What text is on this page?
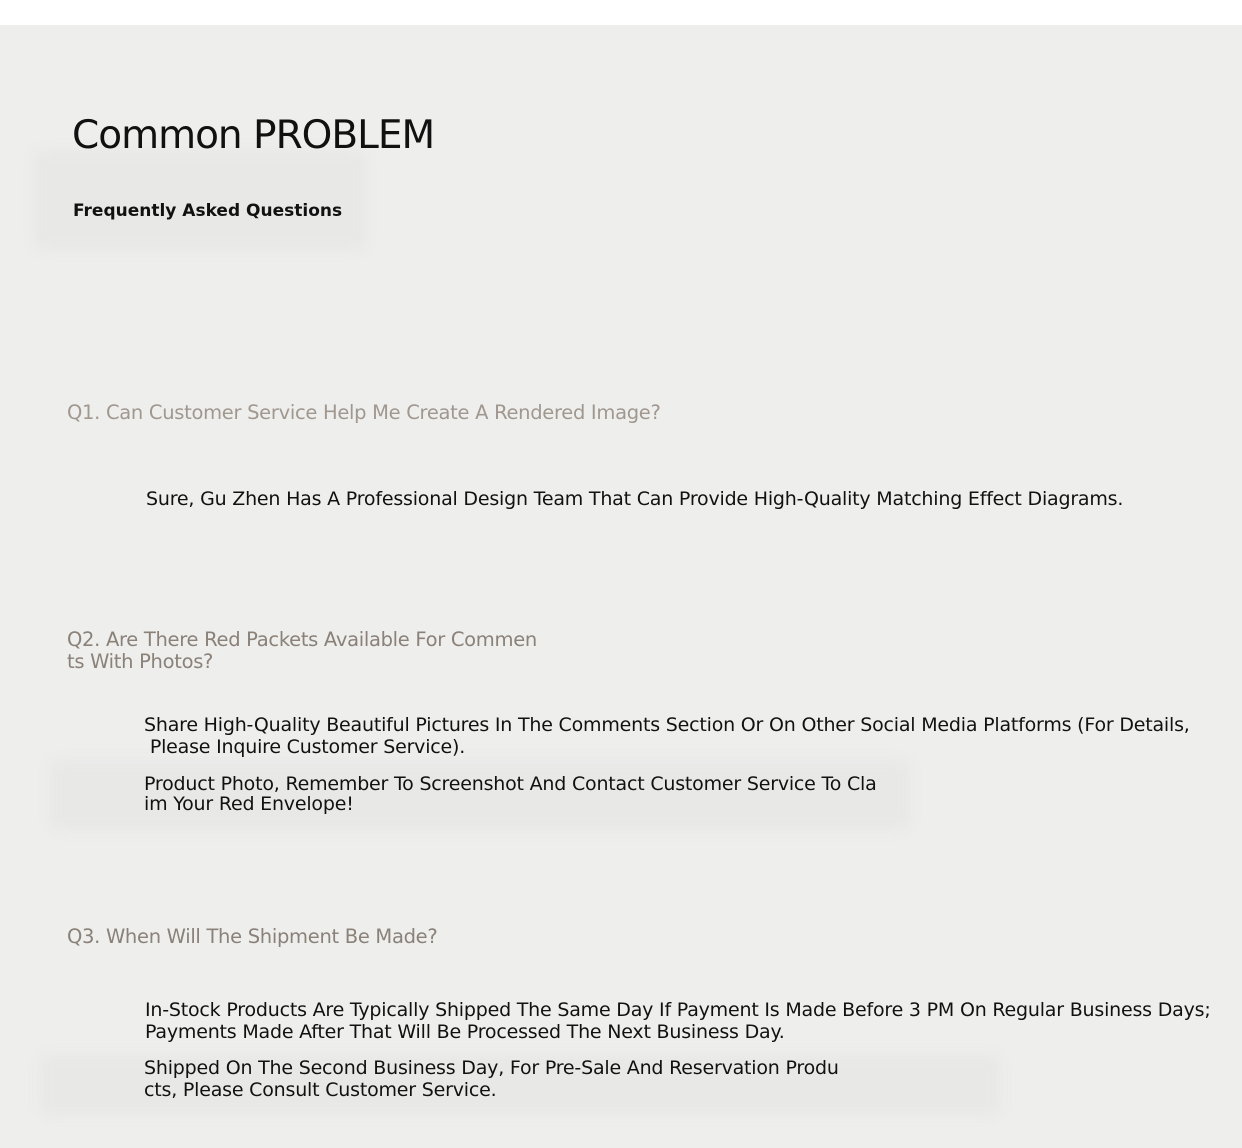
Common PROBLEM
Frequently Asked Questions
Q1. Can Customer Service Help Me Create A Rendered Image?
Sure, Gu Zhen Has A Professional Design Team That Can Provide High-Quality Matching Effect Diagrams.
Q2. Are There Red Packets Available For Commen
ts With Photos?
Share High-Quality Beautiful Pictures In The Comments Section Or On Other Social Media Platforms (For Details,
Please Inquire Customer Service).
Product Photo, Remember To Screenshot And Contact Customer Service To Cla
im Your Red Envelope!
Q3. When Will The Shipment Be Made?
In-Stock Products Are Typically Shipped The Same Day If Payment Is Made Before 3 PM On Regular Business Days;
Payments Made After That Will Be Processed The Next Business Day.
Shipped On The Second Business Day, For Pre-Sale And Reservation Produ
cts, Please Consult Customer Service.
